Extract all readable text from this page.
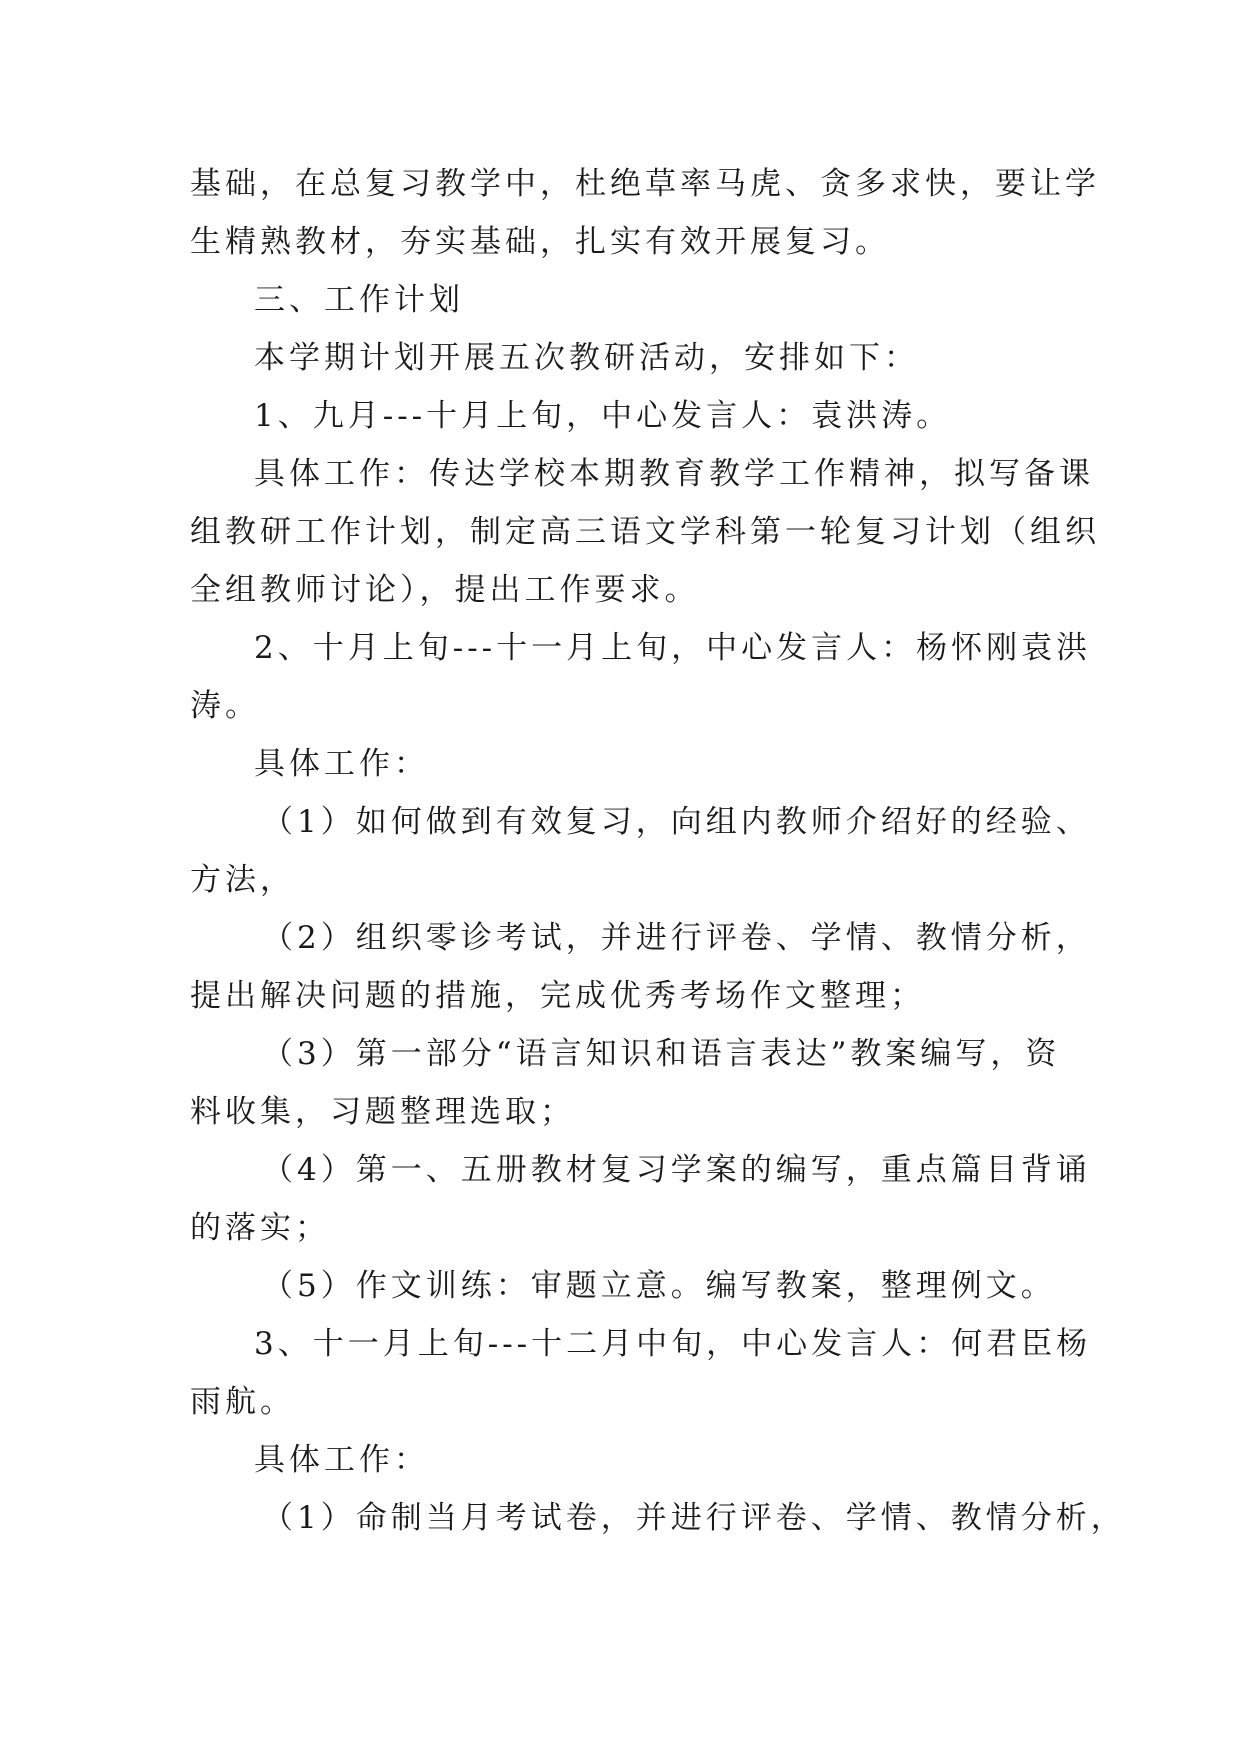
基础，在总复习教学中，杜绝草率马虎、贪多求快，要让学
生精熟教材，夯实基础，扎实有效开展复习。
三、工作计划
本学期计划开展五次教研活动，安排如下：
1、九月---十月上旬，中心发言人：袁洪涛。
具体工作：传达学校本期教育教学工作精神，拟写备课
组教研工作计划，制定高三语文学科第一轮复习计划（组织
全组教师讨论），提出工作要求。
2、十月上旬---十一月上旬，中心发言人：杨怀刚袁洪
涛。
具体工作：
（1）如何做到有效复习，向组内教师介绍好的经验、
方法，
（2）组织零诊考试，并进行评卷、学情、教情分析，
提出解决问题的措施，完成优秀考场作文整理；
（3）第一部分“语言知识和语言表达”教案编写，资
料收集，习题整理选取；
（4）第一、五册教材复习学案的编写，重点篇目背诵
的落实；
（5）作文训练：审题立意。编写教案，整理例文。
3、十一月上旬---十二月中旬，中心发言人：何君臣杨
雨航。
具体工作：
（1）命制当月考试卷，并进行评卷、学情、教情分析，
